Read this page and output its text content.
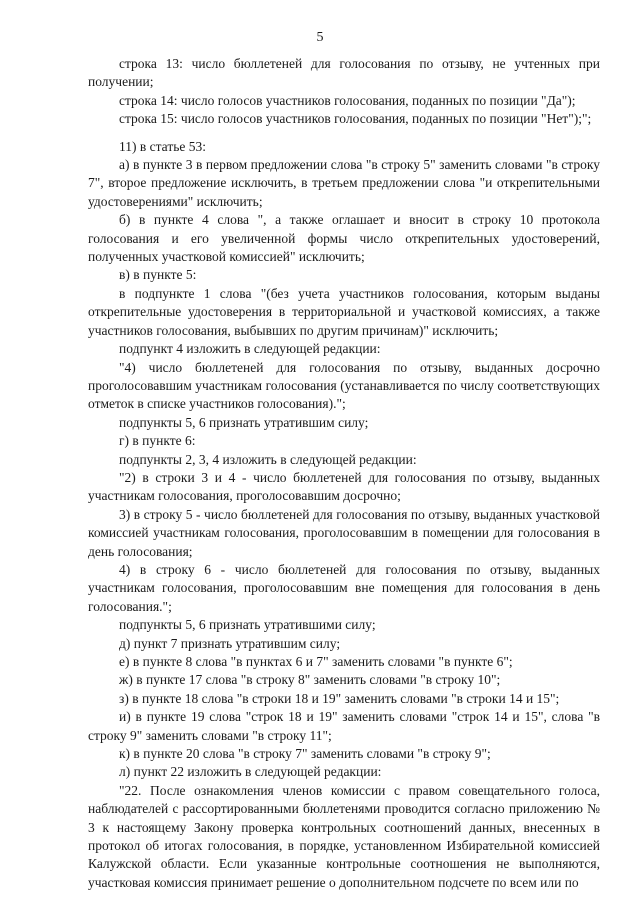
5

строка 13: число бюллетеней для голосования по отзыву, не учтенных при получении;

строка 14: число голосов участников голосования, поданных по позиции "Да");

строка 15: число голосов участников голосования, поданных по позиции "Нет");";

11) в статье 53:

а) в пункте 3 в первом предложении слова "в строку 5" заменить словами "в строку 7", второе предложение исключить, в третьем предложении слова "и открепительными удостоверениями" исключить;

б) в пункте 4 слова ", а также оглашает и вносит в строку 10 протокола голосования и его увеличенной формы число открепительных удостоверений, полученных участковой комиссией" исключить;

в) в пункте 5:

в подпункте 1 слова "(без учета участников голосования, которым выданы открепительные удостоверения в территориальной и участковой комиссиях, а также участников голосования, выбывших по другим причинам)" исключить;

подпункт 4 изложить в следующей редакции:

"4) число бюллетеней для голосования по отзыву, выданных досрочно проголосовавшим участникам голосования (устанавливается по числу соответствующих отметок в списке участников голосования).";

подпункты 5, 6 признать утратившим силу;

г) в пункте 6:

подпункты 2, 3, 4 изложить в следующей редакции:

"2) в строки 3 и 4 - число бюллетеней для голосования по отзыву, выданных участникам голосования, проголосовавшим досрочно;

3) в строку 5 - число бюллетеней для голосования по отзыву, выданных участковой комиссией участникам голосования, проголосовавшим в помещении для голосования в день голосования;

4) в строку 6 - число бюллетеней для голосования по отзыву, выданных участникам голосования, проголосовавшим вне помещения для голосования в день голосования.";

подпункты 5, 6 признать утратившими силу;

д) пункт 7 признать утратившим силу;

е) в пункте 8 слова "в пунктах 6 и 7" заменить словами "в пункте 6";

ж) в пункте 17 слова "в строку 8" заменить словами "в строку 10";

з) в пункте 18 слова "в строки 18 и 19" заменить словами "в строки 14 и 15";

и) в пункте 19 слова "строк 18 и 19" заменить словами "строк 14 и 15", слова "в строку 9" заменить словами "в строку 11";

к) в пункте 20 слова "в строку 7" заменить словами "в строку 9";

л) пункт 22 изложить в следующей редакции:

"22. После ознакомления членов комиссии с правом совещательного голоса, наблюдателей с рассортированными бюллетенями проводится согласно приложению № 3 к настоящему Закону проверка контрольных соотношений данных, внесенных в протокол об итогах голосования, в порядке, установленном Избирательной комиссией Калужской области. Если указанные контрольные соотношения не выполняются, участковая комиссия принимает решение о дополнительном подсчете по всем или по
